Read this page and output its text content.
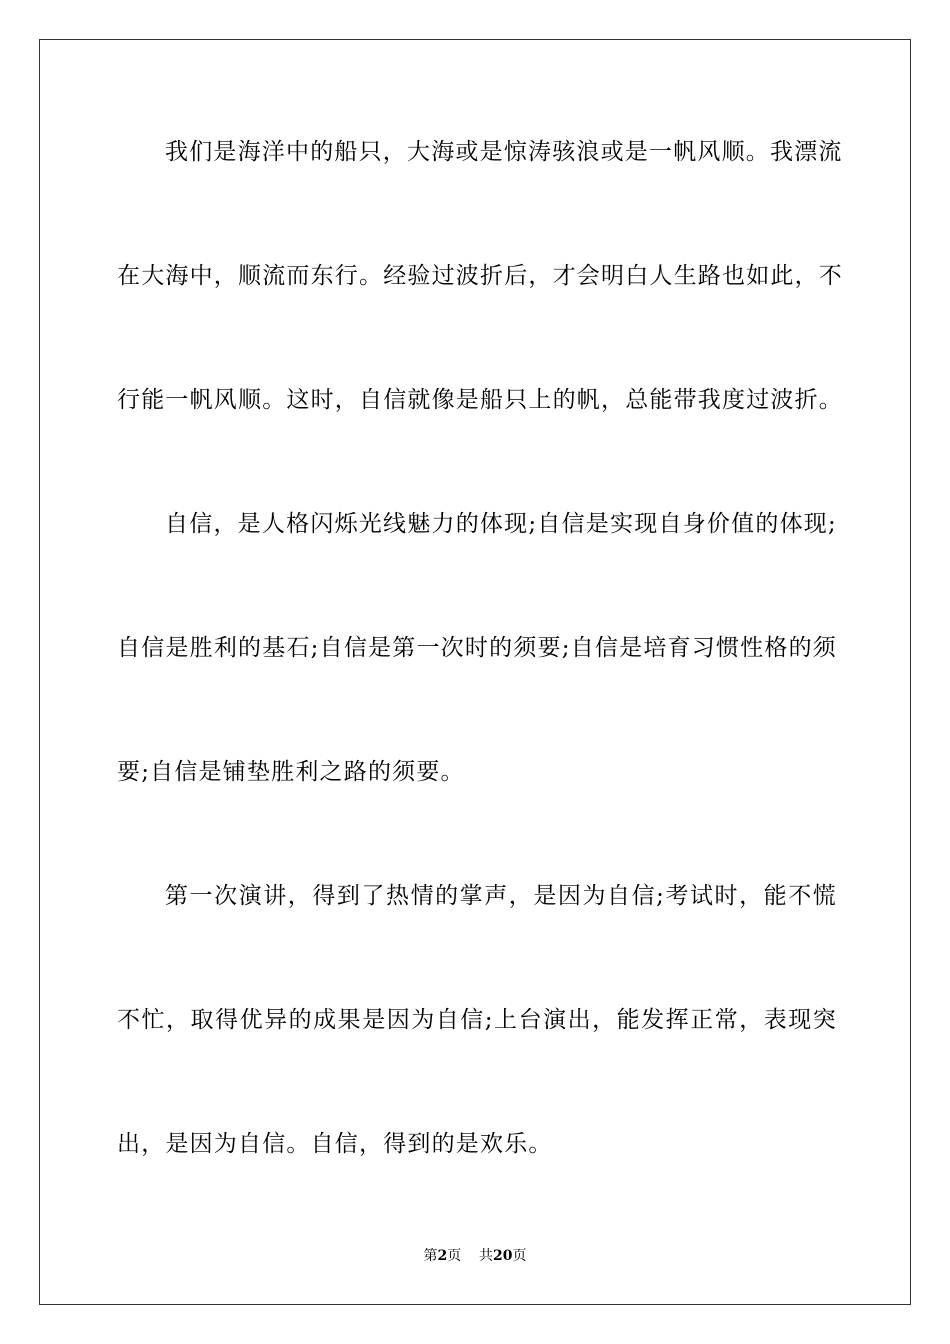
我们是海洋中的船只，大海或是惊涛骇浪或是一帆风顺。我漂流
在大海中，顺流而东行。经验过波折后，才会明白人生路也如此，不
行能一帆风顺。这时，自信就像是船只上的帆，总能带我度过波折。
自信，是人格闪烁光线魅力的体现;自信是实现自身价值的体现;
自信是胜利的基石;自信是第一次时的须要;自信是培育习惯性格的须
要;自信是铺垫胜利之路的须要。
第一次演讲，得到了热情的掌声，是因为自信;考试时，能不慌
不忙，取得优异的成果是因为自信;上台演出，能发挥正常，表现突
出，是因为自信。自信，得到的是欢乐。
第2页 共20页
